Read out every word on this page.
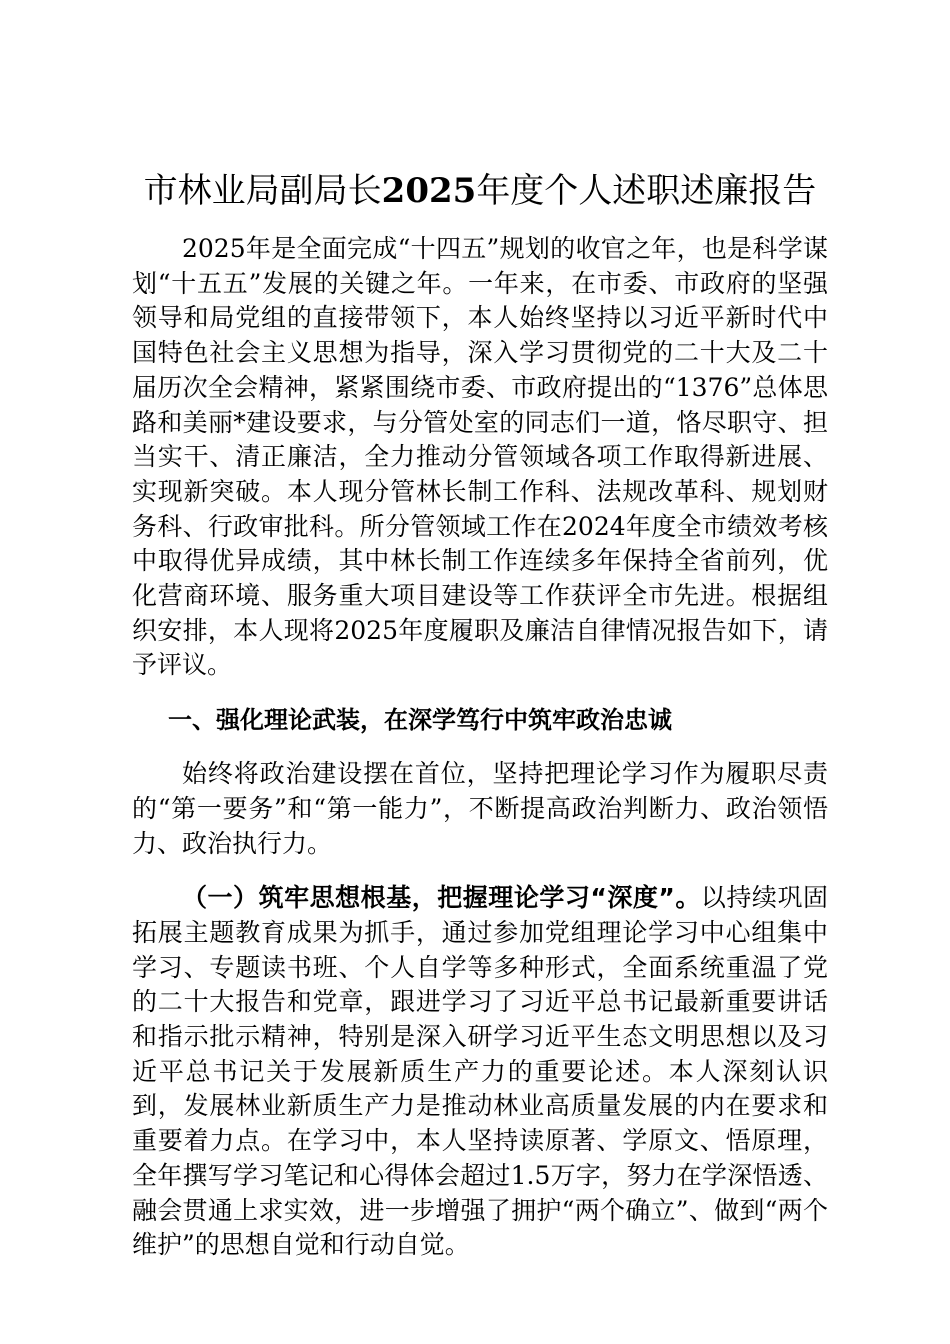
市林业局副局长2025年度个人述职述廉报告

2025年是全面完成“十四五”规划的收官之年，也是科学谋划“十五五”发展的关键之年。一年来，在市委、市政府的坚强领导和局党组的直接带领下，本人始终坚持以习近平新时代中国特色社会主义思想为指导，深入学习贯彻党的二十大及二十届历次全会精神，紧紧围绕市委、市政府提出的“1376”总体思路和美丽*建设要求，与分管处室的同志们一道，恪尽职守、担当实干、清正廉洁，全力推动分管领域各项工作取得新进展、实现新突破。本人现分管林长制工作科、法规改革科、规划财务科、行政审批科。所分管领域工作在2024年度全市绩效考核中取得优异成绩，其中林长制工作连续多年保持全省前列，优化营商环境、服务重大项目建设等工作获评全市先进。根据组织安排，本人现将2025年度履职及廉洁自律情况报告如下，请予评议。

一、强化理论武装，在深学笃行中筑牢政治忠诚

始终将政治建设摆在首位，坚持把理论学习作为履职尽责的“第一要务”和“第一能力”，不断提高政治判断力、政治领悟力、政治执行力。

（一）筑牢思想根基，把握理论学习“深度”。以持续巩固拓展主题教育成果为抓手，通过参加党组理论学习中心组集中学习、专题读书班、个人自学等多种形式，全面系统重温了党的二十大报告和党章，跟进学习了习近平总书记最新重要讲话和指示批示精神，特别是深入研学习近平生态文明思想以及习近平总书记关于发展新质生产力的重要论述。本人深刻认识到，发展林业新质生产力是推动林业高质量发展的内在要求和重要着力点。在学习中，本人坚持读原著、学原文、悟原理，全年撰写学习笔记和心得体会超过1.5万字，努力在学深悟透、融会贯通上求实效，进一步增强了拥护“两个确立”、做到“两个维护”的思想自觉和行动自觉。
